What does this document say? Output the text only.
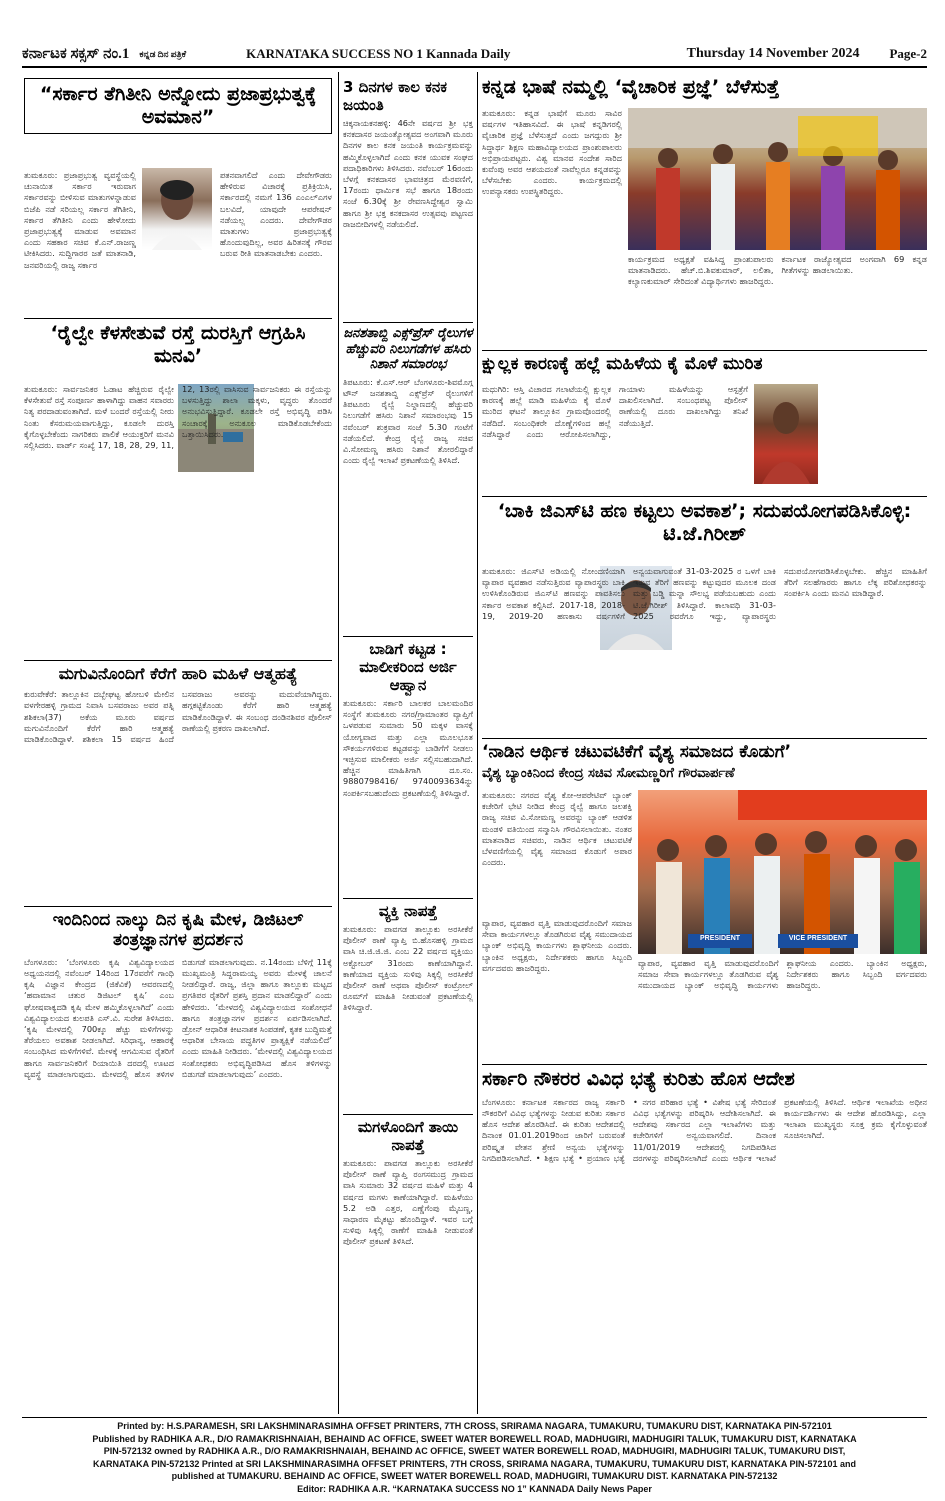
ಕರ್ನಾಟಕ ಸಕ್ಸಸ್ ನಂ.1 ಕನ್ನಡ ದಿನ ಪತ್ರಿಕೆ	KARNATAKA SUCCESS NO 1 Kannada Daily	Thursday 14 November 2024 Page-2
“ಸರ್ಕಾರ ತೆಗಿತೀನಿ ಅನ್ನೋದು ಪ್ರಜಾಪ್ರಭುತ್ವಕ್ಕೆ ಅವಮಾನ”
ತುಮಕೂರು: ಪ್ರಜಾಪ್ರಭುತ್ವ ವ್ಯವಸ್ಥೆಯಲ್ಲಿ ಚುನಾಯಿತ ಸರ್ಕಾರ ಇರುವಾಗ ಸರ್ಕಾರವನ್ನು ಬೀಳಿಸುವ ಮಾತುಗಳನ್ನಾಡುವ ಬಿಜೆಪಿ ನಡೆ ಸರಿಯಲ್ಲ ಸರ್ಕಾರ ತೆಗಿತೀನಿ, ಸರ್ಕಾರ ತೆಗಿತೀನಿ ಎಂದು ಹೇಳೋದು ಪ್ರಜಾಪ್ರಭುತ್ವಕ್ಕೆ ಮಾಡುವ ಅವಮಾನ ಎಂದು ಸಹಕಾರ ಸಚಿವ ಕೆ.ಎನ್.ರಾಜಣ್ಣ ಟೀಕಿಸಿದರು. ಸುದ್ದಿಗಾರರ ಜತೆ ಮಾತನಾಡಿ, ಜನವರಿಯಲ್ಲಿ ರಾಜ್ಯ ಸರ್ಕಾರ
ಪತನವಾಗಲಿದೆ ಎಂದು ದೇವೇಗೌಡರು ಹೇಳಿರುವ ವಿಚಾರಕ್ಕೆ ಪ್ರತಿಕ್ರಿಯಿಸಿ, ಸರ್ಕಾರದಲ್ಲಿ ನಮಗೆ 136 ಎಂಎಲ್‌ಎಗಳ ಬಲವಿದೆ, ಯಾವುದೇ ಆಪರೇಷನ್ ನಡೆಯಲ್ಲ ಎಂದರು. ದೇವೇಗೌಡರ ಮಾತುಗಳು ಪ್ರಜಾಪ್ರಭುತ್ವಕ್ಕೆ ಹೊಂದುವುದಿಲ್ಲ, ಅವರ ಹಿರಿತನಕ್ಕೆ ಗೌರವ ಬರುವ ರೀತಿ ಮಾತನಾಡಬೇಕು ಎಂದರು.
‘ರೈಲ್ವೇ ಕೆಳಸೇತುವೆ ರಸ್ತೆ ದುರಸ್ತಿಗೆ ಆಗ್ರಹಿಸಿ ಮನವಿ’
ತುಮಕೂರು: ಸಾರ್ವಜನಿಕರ ಓಡಾಟ ಹೆಚ್ಚಿರುವ ರೈಲ್ವೇ ಕೆಳಸೇತುವೆ ರಸ್ತೆ ಸಂಪೂರ್ಣ ಹಾಳಾಗಿದ್ದು ವಾಹನ ಸವಾರರು ನಿತ್ಯ ಪರದಾಡುವಂತಾಗಿದೆ. ಮಳೆ ಬಂದರೆ ರಸ್ತೆಯಲ್ಲಿ ನೀರು ನಿಂತು ಕೆಸರುಮಯವಾಗುತ್ತಿದ್ದು, ಕೂಡಲೇ ದುರಸ್ತಿ ಕೈಗೊಳ್ಳಬೇಕೆಂದು ನಾಗರಿಕರು ಪಾಲಿಕೆ ಆಯುಕ್ತರಿಗೆ ಮನವಿ ಸಲ್ಲಿಸಿದರು. ವಾರ್ಡ್ ಸಂಖ್ಯೆ 17, 18, 28, 29, 11, 12, 13ರಲ್ಲಿ ವಾಸಿಸುವ ಸಾರ್ವಜನಿಕರು ಈ ರಸ್ತೆಯನ್ನು ಬಳಸುತ್ತಿದ್ದು ಶಾಲಾ ಮಕ್ಕಳು, ವೃದ್ಧರು ತೊಂದರೆ ಅನುಭವಿಸುತ್ತಿದ್ದಾರೆ. ಕೂಡಲೇ ರಸ್ತೆ ಅಭಿವೃದ್ಧಿ ಪಡಿಸಿ ಸಂಚಾರಕ್ಕೆ ಅನುಕೂಲ ಮಾಡಿಕೊಡಬೇಕೆಂದು ಒತ್ತಾಯಿಸಿದರು.
ಮಗುವಿನೊಂದಿಗೆ ಕೆರೆಗೆ ಹಾರಿ ಮಹಿಳೆ ಆತ್ಮಹತ್ಯೆ
ಕುರುವೇಕೆರೆ: ತಾಲ್ಲೂಕಿನ ದಬ್ಬೇಘಟ್ಟ ಹೋಬಳಿ ಮೇಲಿನ ವಳಗೇರಹಳ್ಳಿ ಗ್ರಾಮದ ನಿವಾಸಿ ಬಸವರಾಜು ಅವರ ಪತ್ನಿ ಶಶಿಕಲಾ(37) ಅಕೆಯ ಮೂರು ವರ್ಷದ ಮಗುವಿನೊಂದಿಗೆ ಕೆರೆಗೆ ಹಾರಿ ಆತ್ಮಹತ್ಯೆ ಮಾಡಿಕೊಂಡಿದ್ದಾಳೆ. ಶಶಿಕಲಾ 15 ವರ್ಷದ ಹಿಂದೆ ಬಸವರಾಜು ಅವರನ್ನು ಮದುವೆಯಾಗಿದ್ದರು. ಹಗ್ಗಕಟ್ಟಿಕೊಂಡು ಕೆರೆಗೆ ಹಾರಿ ಆತ್ಮಹತ್ಯೆ ಮಾಡಿಕೊಂಡಿದ್ದಾಳೆ. ಈ ಸಂಬಂಧ ದಂಡಿನಶಿವರ ಪೊಲೀಸ್ ಠಾಣೆಯಲ್ಲಿ ಪ್ರಕರಣ ದಾಖಲಾಗಿದೆ.
ಇಂದಿನಿಂದ ನಾಲ್ಕು ದಿನ ಕೃಷಿ ಮೇಳ, ಡಿಜಿಟಲ್ ತಂತ್ರಜ್ಞಾನಗಳ ಪ್ರದರ್ಶನ
ಬೆಂಗಳೂರು: ‘ಬೆಂಗಳೂರು ಕೃಷಿ ವಿಶ್ವವಿದ್ಯಾಲಯದ ಅಧ್ಯಯನದಲ್ಲಿ ನವೆಂಬರ್ 14ರಿಂದ 17ರವರೆಗೆ ಗಾಂಧಿ ಕೃಷಿ ವಿಜ್ಞಾನ ಕೇಂದ್ರದ (ಜಿಕೆವಿಕೆ) ಆವರಣದಲ್ಲಿ ‘ಹವಾಮಾನ ಚತುರ ಡಿಜಿಟಲ್ ಕೃಷಿ’ ಎಂಬ ಘೋಷವಾಕ್ಯದಡಿ ಕೃಷಿ ಮೇಳ ಹಮ್ಮಿಕೊಳ್ಳಲಾಗಿದೆ’ ಎಂದು ವಿಶ್ವವಿದ್ಯಾಲಯದ ಕುಲಪತಿ ಎಸ್.ವಿ. ಸುರೇಶ ತಿಳಿಸಿದರು. ‘ಕೃಷಿ ಮೇಳದಲ್ಲಿ 700ಕ್ಕೂ ಹೆಚ್ಚು ಮಳಿಗೆಗಳನ್ನು ತೆರೆಯಲು ಅವಕಾಶ ನೀಡಲಾಗಿದೆ. ಸಿರಿಧಾನ್ಯ, ಆಹಾರಕ್ಕೆ ಸಂಬಂಧಿಸಿದ ಮಳಿಗೆಗಳಿವೆ. ಮೇಳಕ್ಕೆ ಆಗಮಿಸುವ ರೈತರಿಗೆ ಹಾಗೂ ಸಾರ್ವಜನಿಕರಿಗೆ ರಿಯಾಯಿತಿ ದರದಲ್ಲಿ ಊಟದ ವ್ಯವಸ್ಥೆ ಮಾಡಲಾಗುವುದು. ಮೇಳದಲ್ಲಿ ಹೊಸ ತಳಿಗಳ ಬಿಡುಗಡೆ ಮಾಡಲಾಗುವುದು. ನ.14ರಂದು ಬೆಳಿಗ್ಗೆ 11ಕ್ಕೆ ಮುಖ್ಯಮಂತ್ರಿ ಸಿದ್ದರಾಮಯ್ಯ ಅವರು ಮೇಳಕ್ಕೆ ಚಾಲನೆ ನೀಡಲಿದ್ದಾರೆ. ರಾಜ್ಯ, ಜಿಲ್ಲಾ ಹಾಗೂ ತಾಲ್ಲೂಕು ಮಟ್ಟದ ಪ್ರಗತಿಪರ ರೈತರಿಗೆ ಪ್ರಶಸ್ತಿ ಪ್ರದಾನ ಮಾಡಲಿದ್ದಾರೆ’ ಎಂದು ಹೇಳಿದರು. ‘ಮೇಳದಲ್ಲಿ ವಿಶ್ವವಿದ್ಯಾಲಯದ ಸಂಶೋಧನೆ ಹಾಗೂ ತಂತ್ರಜ್ಞಾನಗಳ ಪ್ರದರ್ಶನ ಏರ್ಪಡಿಸಲಾಗಿದೆ. ಡ್ರೋನ್ ಆಧಾರಿತ ಕೀಟನಾಶಕ ಸಿಂಪಡಣೆ, ಕೃತಕ ಬುದ್ಧಿಮತ್ತೆ ಆಧಾರಿತ ಬೇಸಾಯ ಪದ್ಧತಿಗಳ ಪ್ರಾತ್ಯಕ್ಷಿಕೆ ನಡೆಯಲಿದೆ’ ಎಂದು ಮಾಹಿತಿ ನೀಡಿದರು. ‘ಮೇಳದಲ್ಲಿ ವಿಶ್ವವಿದ್ಯಾಲಯದ ಸಂಶೋಧಕರು ಅಭಿವೃದ್ಧಿಪಡಿಸಿದ ಹೊಸ ತಳಿಗಳನ್ನು ಬಿಡುಗಡೆ ಮಾಡಲಾಗುವುದು’ ಎಂದರು.
3 ದಿನಗಳ ಕಾಲ ಕನಕ ಜಯಂತಿ
ಚಿಕ್ಕನಾಯಕನಹಳ್ಳಿ: 46ನೇ ವರ್ಷದ ಶ್ರೀ ಭಕ್ತ ಕನಕದಾಸರ ಜಯಂತ್ಯೋತ್ಸವದ ಅಂಗವಾಗಿ ಮೂರು ದಿನಗಳ ಕಾಲ ಕನಕ ಜಯಂತಿ ಕಾರ್ಯಕ್ರಮವನ್ನು ಹಮ್ಮಿಕೊಳ್ಳಲಾಗಿದೆ ಎಂದು ಕನಕ ಯುವಕ ಸಂಘದ ಪದಾಧಿಕಾರಿಗಳು ತಿಳಿಸಿದರು. ನವೆಂಬರ್ 16ರಂದು ಬೆಳಗ್ಗೆ ಕನಕದಾಸರ ಭಾವಚಿತ್ರದ ಮೆರವಣಿಗೆ, 17ರಂದು ಧಾರ್ಮಿಕ ಸಭೆ ಹಾಗೂ 18ರಂದು ಸಂಜೆ 6.30ಕ್ಕೆ ಶ್ರೀ ರೇವಣಸಿದ್ದೇಶ್ವರ ಸ್ವಾಮಿ ಹಾಗೂ ಶ್ರೀ ಭಕ್ತ ಕನಕದಾಸರ ಉತ್ಸವವು ಪಟ್ಟಣದ ರಾಜಬೀದಿಗಳಲ್ಲಿ ನಡೆಯಲಿದೆ.
ಜನಶತಾಬ್ದಿ ಎಕ್ಸ್‌ಪ್ರೆಸ್ ರೈಲುಗಳ ಹೆಚ್ಚುವರಿ ನಿಲುಗಡೆಗಳ ಹಸಿರು ನಿಶಾನೆ ಸಮಾರಂಭ
ತಿಪಟೂರು: ಕೆ.ಎಸ್.ಆರ್ ಬೆಂಗಳೂರು-ಶಿವಮೊಗ್ಗ ಟೌನ್ ಜನಶತಾಬ್ದಿ ಎಕ್ಸ್‌ಪ್ರೆಸ್ ರೈಲುಗಳಿಗೆ ತಿಪಟೂರು ರೈಲ್ವೆ ನಿಲ್ದಾಣದಲ್ಲಿ ಹೆಚ್ಚುವರಿ ನಿಲುಗಡೆಗೆ ಹಸಿರು ನಿಶಾನೆ ಸಮಾರಂಭವು 15 ನವೆಂಬರ್ ಶುಕ್ರವಾರ ಸಂಜೆ 5.30 ಗಂಟೆಗೆ ನಡೆಯಲಿದೆ. ಕೇಂದ್ರ ರೈಲ್ವೆ ರಾಜ್ಯ ಸಚಿವ ವಿ.ಸೋಮಣ್ಣ ಹಸಿರು ನಿಶಾನೆ ತೋರಲಿದ್ದಾರೆ ಎಂದು ರೈಲ್ವೆ ಇಲಾಖೆ ಪ್ರಕಟಣೆಯಲ್ಲಿ ತಿಳಿಸಿದೆ.
ಬಾಡಿಗೆ ಕಟ್ಟಡ : ಮಾಲೀಕರಿಂದ ಅರ್ಜಿ ಆಹ್ವಾನ
ತುಮಕೂರು: ಸರ್ಕಾರಿ ಬಾಲಕರ ಬಾಲಮಂದಿರ ಸಂಸ್ಥೆಗೆ ತುಮಕೂರು ನಗರ/ಗ್ರಾಮಾಂತರ ವ್ಯಾಪ್ತಿಗೆ ಒಳಪಡುವ ಸುಮಾರು 50 ಮಕ್ಕಳ ವಾಸಕ್ಕೆ ಯೋಗ್ಯವಾದ ಮತ್ತು ಎಲ್ಲಾ ಮೂಲಭೂತ ಸೌಕರ್ಯಗಳಿರುವ ಕಟ್ಟಡವನ್ನು ಬಾಡಿಗೆಗೆ ನೀಡಲು ಇಚ್ಛಿಸುವ ಮಾಲೀಕರು ಅರ್ಜಿ ಸಲ್ಲಿಸಬಹುದಾಗಿದೆ. ಹೆಚ್ಚಿನ ಮಾಹಿತಿಗಾಗಿ ದೂ.ಸಂ. 9880798416/ 9740093634ನ್ನು ಸಂಪರ್ಕಿಸಬಹುದೆಂದು ಪ್ರಕಟಣೆಯಲ್ಲಿ ತಿಳಿಸಿದ್ದಾರೆ.
ವ್ಯಕ್ತಿ ನಾಪತ್ತೆ
ತುಮಕೂರು: ಪಾವಗಡ ತಾಲ್ಲೂಕು ಅರಸೀಕೆರೆ ಪೊಲೀಸ್ ಠಾಣೆ ವ್ಯಾಪ್ತಿ ಬಿ.ಹೊಸಹಳ್ಳಿ ಗ್ರಾಮದ ವಾಸಿ ಚಿ.ಜಿ.ಜಿ.ಜಿ. ಎಂಬ 22 ವರ್ಷದ ವ್ಯಕ್ತಿಯು ಅಕ್ಟೋಬರ್ 31ರಂದು ಕಾಣೆಯಾಗಿದ್ದಾನೆ. ಕಾಣೆಯಾದ ವ್ಯಕ್ತಿಯ ಸುಳಿವು ಸಿಕ್ಕಲ್ಲಿ ಅರಸೀಕೆರೆ ಪೊಲೀಸ್ ಠಾಣೆ ಅಥವಾ ಪೊಲೀಸ್ ಕಂಟ್ರೋಲ್ ರೂಮ್‌ಗೆ ಮಾಹಿತಿ ನೀಡುವಂತೆ ಪ್ರಕಟಣೆಯಲ್ಲಿ ತಿಳಿಸಿದ್ದಾರೆ.
ಮಗಳೊಂದಿಗೆ ತಾಯಿ ನಾಪತ್ತೆ
ತುಮಕೂರು: ಪಾವಗಡ ತಾಲ್ಲೂಕು ಅರಸೀಕೆರೆ ಪೊಲೀಸ್ ಠಾಣೆ ವ್ಯಾಪ್ತಿ ರಂಗಸಮುದ್ರ ಗ್ರಾಮದ ವಾಸಿ ಸುಮಾರು 32 ವರ್ಷದ ಮಹಿಳೆ ಮತ್ತು 4 ವರ್ಷದ ಮಗಳು ಕಾಣೆಯಾಗಿದ್ದಾರೆ. ಮಹಿಳೆಯು 5.2 ಅಡಿ ಎತ್ತರ, ಎಣ್ಣೆಗೆಂಪು ಮೈಬಣ್ಣ, ಸಾಧಾರಣ ಮೈಕಟ್ಟು ಹೊಂದಿದ್ದಾಳೆ. ಇವರ ಬಗ್ಗೆ ಸುಳಿವು ಸಿಕ್ಕಲ್ಲಿ ಠಾಣೆಗೆ ಮಾಹಿತಿ ನೀಡುವಂತೆ ಪೊಲೀಸ್ ಪ್ರಕಟಣೆ ತಿಳಿಸಿದೆ.
ಕನ್ನಡ ಭಾಷೆ ನಮ್ಮಲ್ಲಿ ‘ವೈಚಾರಿಕ ಪ್ರಜ್ಞೆ’ ಬೆಳೆಸುತ್ತೆ
ತುಮಕೂರು: ಕನ್ನಡ ಭಾಷೆಗೆ ಮೂರು ಸಾವಿರ ವರ್ಷಗಳ ಇತಿಹಾಸವಿದೆ. ಈ ಭಾಷೆ ಕನ್ನಡಿಗರಲ್ಲಿ ವೈಚಾರಿಕ ಪ್ರಜ್ಞೆ ಬೆಳೆಸುತ್ತದೆ ಎಂದು ಜಗದ್ಗುರು ಶ್ರೀ ಸಿದ್ಧಾರ್ಥ ಶಿಕ್ಷಣ ಮಹಾವಿದ್ಯಾಲಯದ ಪ್ರಾಂಶುಪಾಲರು ಅಭಿಪ್ರಾಯಪಟ್ಟರು. ವಿಶ್ವ ಮಾನವ ಸಂದೇಶ ಸಾರಿದ ಕುವೆಂಪು ಅವರ ಆಶಯದಂತೆ ನಾವೆಲ್ಲರೂ ಕನ್ನಡವನ್ನು ಬೆಳೆಸಬೇಕು ಎಂದರು. ಕಾರ್ಯಕ್ರಮದಲ್ಲಿ ಉಪನ್ಯಾಸಕರು ಉಪಸ್ಥಿತರಿದ್ದರು.
ಕಾರ್ಯಕ್ರಮದ ಅಧ್ಯಕ್ಷತೆ ವಹಿಸಿದ್ದ ಪ್ರಾಂಶುಪಾಲರು ಮಾತನಾಡಿದರು. ಹೆಚ್.ಬಿ.ಶಿವಕುಮಾರ್, ಲಲಿತಾ, ಕಲ್ಯಾಣಕುಮಾರ್ ಸೇರಿದಂತೆ ವಿದ್ಯಾರ್ಥಿಗಳು ಹಾಜರಿದ್ದರು. ಕರ್ನಾಟಕ ರಾಜ್ಯೋತ್ಸವದ ಅಂಗವಾಗಿ 69 ಕನ್ನಡ ಗೀತೆಗಳನ್ನು ಹಾಡಲಾಯಿತು.
ಕ್ಷುಲ್ಲಕ ಕಾರಣಕ್ಕೆ ಹಲ್ಲೆ ಮಹಿಳೆಯ ಕೈ ಮೊಳೆ ಮುರಿತ
ಮಧುಗಿರಿ: ಆಸ್ತಿ ವಿಚಾರದ ಗಲಾಟೆಯಲ್ಲಿ ಕ್ಷುಲ್ಲಕ ಕಾರಣಕ್ಕೆ ಹಲ್ಲೆ ಮಾಡಿ ಮಹಿಳೆಯ ಕೈ ಮೊಳೆ ಮುರಿದ ಘಟನೆ ತಾಲ್ಲೂಕಿನ ಗ್ರಾಮವೊಂದರಲ್ಲಿ ನಡೆದಿದೆ. ಸಂಬಂಧಿಕರೇ ದೊಣ್ಣೆಗಳಿಂದ ಹಲ್ಲೆ ನಡೆಸಿದ್ದಾರೆ ಎಂದು ಆರೋಪಿಸಲಾಗಿದ್ದು, ಗಾಯಾಳು ಮಹಿಳೆಯನ್ನು ಆಸ್ಪತ್ರೆಗೆ ದಾಖಲಿಸಲಾಗಿದೆ. ಸಂಬಂಧಪಟ್ಟ ಪೊಲೀಸ್ ಠಾಣೆಯಲ್ಲಿ ದೂರು ದಾಖಲಾಗಿದ್ದು ತನಿಖೆ ನಡೆಯುತ್ತಿದೆ.
‘ಬಾಕಿ ಜಿಎಸ್‌ಟಿ ಹಣ ಕಟ್ಟಲು ಅವಕಾಶ’; ಸದುಪಯೋಗಪಡಿಸಿಕೊಳ್ಳಿ: ಟಿ.ಜೆ.ಗಿರೀಶ್
ತುಮಕೂರು: ಜಿಎಸ್‌ಟಿ ಅಡಿಯಲ್ಲಿ ನೋಂದಣಿಯಾಗಿ ವ್ಯಾಪಾರ ವ್ಯವಹಾರ ನಡೆಸುತ್ತಿರುವ ವ್ಯಾಪಾರಸ್ಥರು ಬಾಕಿ ಉಳಿಸಿಕೊಂಡಿರುವ ಜಿಎಸ್‌ಟಿ ಹಣವನ್ನು ಪಾವತಿಸಲು ಸರ್ಕಾರ ಅವಕಾಶ ಕಲ್ಪಿಸಿದೆ. 2017-18, 2018-19, 2019-20 ಹಣಕಾಸು ವರ್ಷಗಳಿಗೆ ಅನ್ವಯವಾಗುವಂತೆ 31-03-2025 ರ ಒಳಗೆ ಬಾಕಿ ಇರುವ ತೆರಿಗೆ ಹಣವನ್ನು ಕಟ್ಟುವುದರ ಮೂಲಕ ದಂಡ ಮತ್ತು ಬಡ್ಡಿ ಮನ್ನಾ ಸೌಲಭ್ಯ ಪಡೆಯಬಹುದು ಎಂದು ಟಿ.ಜೆ.ಗಿರೀಶ್ ತಿಳಿಸಿದ್ದಾರೆ. ಕಾಲಾವಧಿ 31-03-2025 ರವರೆಗೂ ಇದ್ದು, ವ್ಯಾಪಾರಸ್ಥರು ಸದುಪಯೋಗಪಡಿಸಿಕೊಳ್ಳಬೇಕು. ಹೆಚ್ಚಿನ ಮಾಹಿತಿಗೆ ತೆರಿಗೆ ಸಲಹೆಗಾರರು ಹಾಗೂ ಲೆಕ್ಕ ಪರಿಶೋಧಕರನ್ನು ಸಂಪರ್ಕಿಸಿ ಎಂದು ಮನವಿ ಮಾಡಿದ್ದಾರೆ.
‘ನಾಡಿನ ಆರ್ಥಿಕ ಚಟುವಟಿಕೆಗೆ ವೈಶ್ಯ ಸಮಾಜದ ಕೊಡುಗೆ’
ವೈಶ್ಯ ಬ್ಯಾಂಕಿನಿಂದ ಕೇಂದ್ರ ಸಚಿವ ಸೋಮಣ್ಣರಿಗೆ ಗೌರವಾರ್ಪಣೆ
ತುಮಕೂರು: ನಗರದ ವೈಶ್ಯ ಕೋ-ಆಪರೇಟಿವ್ ಬ್ಯಾಂಕ್ ಕಚೇರಿಗೆ ಭೇಟಿ ನೀಡಿದ ಕೇಂದ್ರ ರೈಲ್ವೆ ಹಾಗೂ ಜಲಶಕ್ತಿ ರಾಜ್ಯ ಸಚಿವ ವಿ.ಸೋಮಣ್ಣ ಅವರನ್ನು ಬ್ಯಾಂಕ್ ಆಡಳಿತ ಮಂಡಳಿ ವತಿಯಿಂದ ಸನ್ಮಾನಿಸಿ ಗೌರವಿಸಲಾಯಿತು. ನಂತರ ಮಾತನಾಡಿದ ಸಚಿವರು, ನಾಡಿನ ಆರ್ಥಿಕ ಚಟುವಟಿಕೆ ಬೆಳವಣಿಗೆಯಲ್ಲಿ ವೈಶ್ಯ ಸಮಾಜದ ಕೊಡುಗೆ ಅಪಾರ ಎಂದರು.
PRESIDENT	VICE PRESIDENT
ವ್ಯಾಪಾರ, ವ್ಯವಹಾರ ವೃತ್ತಿ ಮಾಡುವುದರೊಂದಿಗೆ ಸಮಾಜ ಸೇವಾ ಕಾರ್ಯಗಳಲ್ಲೂ ತೊಡಗಿರುವ ವೈಶ್ಯ ಸಮುದಾಯದ ಬ್ಯಾಂಕ್ ಅಭಿವೃದ್ಧಿ ಕಾರ್ಯಗಳು ಶ್ಲಾಘನೀಯ ಎಂದರು. ಬ್ಯಾಂಕಿನ ಅಧ್ಯಕ್ಷರು, ನಿರ್ದೇಶಕರು ಹಾಗೂ ಸಿಬ್ಬಂದಿ ವರ್ಗದವರು ಹಾಜರಿದ್ದರು.	ವ್ಯಾಪಾರ, ವ್ಯವಹಾರ ವೃತ್ತಿ ಮಾಡುವುದರೊಂದಿಗೆ ಸಮಾಜ ಸೇವಾ ಕಾರ್ಯಗಳಲ್ಲೂ ತೊಡಗಿರುವ ವೈಶ್ಯ ಸಮುದಾಯದ ಬ್ಯಾಂಕ್ ಅಭಿವೃದ್ಧಿ ಕಾರ್ಯಗಳು ಶ್ಲಾಘನೀಯ ಎಂದರು. ಬ್ಯಾಂಕಿನ ಅಧ್ಯಕ್ಷರು, ನಿರ್ದೇಶಕರು ಹಾಗೂ ಸಿಬ್ಬಂದಿ ವರ್ಗದವರು ಹಾಜರಿದ್ದರು.
ಸರ್ಕಾರಿ ನೌಕರರ ವಿವಿಧ ಭತ್ಯೆ ಕುರಿತು ಹೊಸ ಆದೇಶ
ಬೆಂಗಳೂರು: ಕರ್ನಾಟಕ ಸರ್ಕಾರದ ರಾಜ್ಯ ಸರ್ಕಾರಿ ನೌಕರರಿಗೆ ವಿವಿಧ ಭತ್ಯೆಗಳನ್ನು ನೀಡುವ ಕುರಿತು ಸರ್ಕಾರ ಹೊಸ ಆದೇಶ ಹೊರಡಿಸಿದೆ. ಈ ಕುರಿತು ಆದೇಶದಲ್ಲಿ ದಿನಾಂಕ 01.01.2019ರಿಂದ ಜಾರಿಗೆ ಬರುವಂತೆ ಪರಿಷ್ಕೃತ ವೇತನ ಶ್ರೇಣಿ ಅನ್ವಯ ಭತ್ಯೆಗಳನ್ನು ನಿಗದಿಪಡಿಸಲಾಗಿದೆ. • ಶಿಕ್ಷಣ ಭತ್ಯೆ • ಪ್ರಯಾಣ ಭತ್ಯೆ • ನಗರ ಪರಿಹಾರ ಭತ್ಯೆ • ವಿಶೇಷ ಭತ್ಯೆ ಸೇರಿದಂತೆ ವಿವಿಧ ಭತ್ಯೆಗಳನ್ನು ಪರಿಷ್ಕರಿಸಿ ಆದೇಶಿಸಲಾಗಿದೆ. ಈ ಆದೇಶವು ಸರ್ಕಾರದ ಎಲ್ಲಾ ಇಲಾಖೆಗಳು ಮತ್ತು ಕಚೇರಿಗಳಿಗೆ ಅನ್ವಯವಾಗಲಿದೆ. ದಿನಾಂಕ 11/01/2019 ಆದೇಶದಲ್ಲಿ ನಿಗದಿಪಡಿಸಿದ ದರಗಳನ್ನು ಪರಿಷ್ಕರಿಸಲಾಗಿದೆ ಎಂದು ಆರ್ಥಿಕ ಇಲಾಖೆ ಪ್ರಕಟಣೆಯಲ್ಲಿ ತಿಳಿಸಿದೆ. ಆರ್ಥಿಕ ಇಲಾಖೆಯ ಅಧೀನ ಕಾರ್ಯದರ್ಶಿಗಳು ಈ ಆದೇಶ ಹೊರಡಿಸಿದ್ದು, ಎಲ್ಲಾ ಇಲಾಖಾ ಮುಖ್ಯಸ್ಥರು ಸೂಕ್ತ ಕ್ರಮ ಕೈಗೊಳ್ಳುವಂತೆ ಸೂಚಿಸಲಾಗಿದೆ.
Printed by: H.S.PARAMESH, SRI LAKSHMINARASIMHA OFFSET PRINTERS, 7TH CROSS, SRIRAMA NAGARA, TUMAKURU, TUMAKURU DIST, KARNATAKA PIN-572101
Published by RADHIKA A.R., D/O RAMAKRISHNAIAH, BEHAIND AC OFFICE, SWEET WATER BOREWELL ROAD, MADHUGIRI, MADHUGIRI TALUK, TUMAKURU DIST, KARNATAKA
PIN-572132 owned by RADHIKA A.R., D/O RAMAKRISHNAIAH, BEHAIND AC OFFICE, SWEET WATER BOREWELL ROAD, MADHUGIRI, MADHUGIRI TALUK, TUMAKURU DIST,
KARNATAKA PIN-572132 Printed at SRI LAKSHMINARASIMHA OFFSET PRINTERS, 7TH CROSS, SRIRAMA NAGARA, TUMAKURU, TUMAKURU DIST, KARNATAKA PIN-572101 and
published at TUMAKURU. BEHAIND AC OFFICE, SWEET WATER BOREWELL ROAD, MADHUGIRI, TUMAKURU DIST. KARNATAKA PIN-572132
Editor: RADHIKA A.R. “KARNATAKA SUCCESS NO 1” KANNADA Daily News Paper
